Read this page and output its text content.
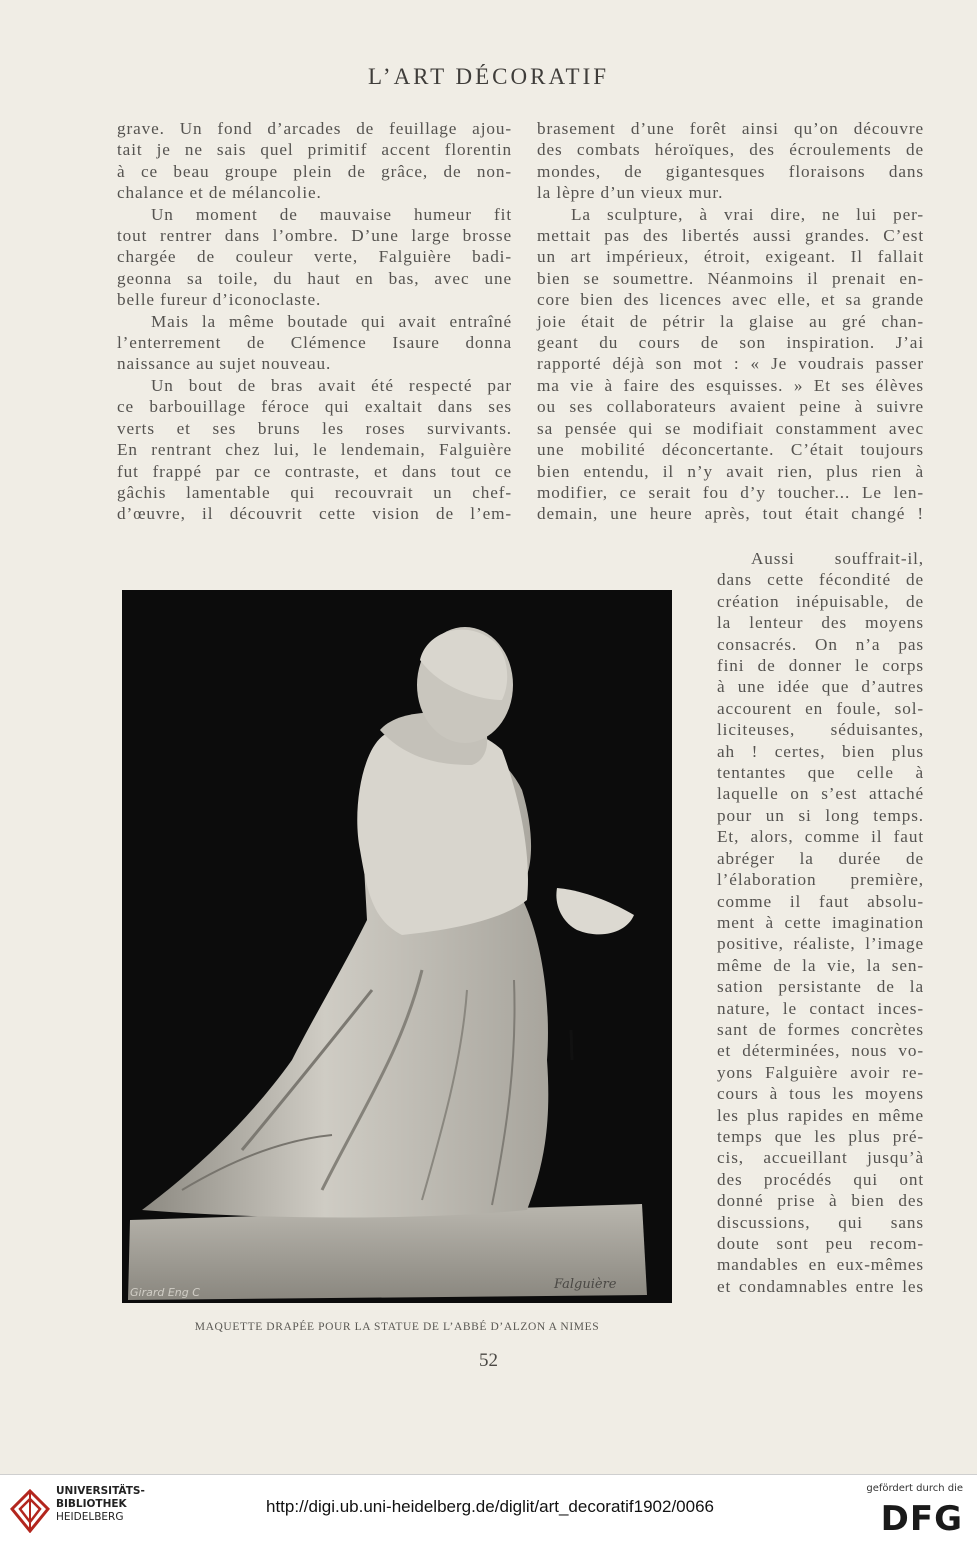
L’ART DÉCORATIF

grave. Un fond d’arcades de feuillage ajou-

tait je ne sais quel primitif accent florentin

à ce beau groupe plein de grâce, de non-

chalance et de mélancolie.

Un moment de mauvaise humeur fit

tout rentrer dans l’ombre. D’une large brosse

chargée de couleur verte, Falguière badi-

geonna sa toile, du haut en bas, avec une

belle fureur d’iconoclaste.

Mais la même boutade qui avait entraîné

l’enterrement de Clémence Isaure donna

naissance au sujet nouveau.

Un bout de bras avait été respecté par

ce barbouillage féroce qui exaltait dans ses

verts et ses bruns les roses survivants.

En rentrant chez lui, le lendemain, Falguière

fut frappé par ce contraste, et dans tout ce

gâchis lamentable qui recouvrait un chef-

d’œuvre, il découvrit cette vision de l’em-

brasement d’une forêt ainsi qu’on découvre

des combats héroïques, des écroulements de

mondes, de gigantesques floraisons dans

la lèpre d’un vieux mur.

La sculpture, à vrai dire, ne lui per-

mettait pas des libertés aussi grandes. C’est

un art impérieux, étroit, exigeant. Il fallait

bien se soumettre. Néanmoins il prenait en-

core bien des licences avec elle, et sa grande

joie était de pétrir la glaise au gré chan-

geant du cours de son inspiration. J’ai

rapporté déjà son mot : « Je voudrais passer

ma vie à faire des esquisses. » Et ses élèves

ou ses collaborateurs avaient peine à suivre

sa pensée qui se modifiait constamment avec

une mobilité déconcertante. C’était toujours

bien entendu, il n’y avait rien, plus rien à

modifier, ce serait fou d’y toucher... Le len-

demain, une heure après, tout était changé !

Aussi souffrait-il,

dans cette fécondité de

création inépuisable, de

la lenteur des moyens

consacrés. On n’a pas

fini de donner le corps

à une idée que d’autres

accourent en foule, sol-

liciteuses, séduisantes,

ah ! certes, bien plus

tentantes que celle à

laquelle on s’est attaché

pour un si long temps.

Et, alors, comme il faut

abréger la durée de

l’élaboration première,

comme il faut absolu-

ment à cette imagination

positive, réaliste, l’image

même de la vie, la sen-

sation persistante de la

nature, le contact inces-

sant de formes concrètes

et déterminées, nous vo-

yons Falguière avoir re-

cours à tous les moyens

les plus rapides en même

temps que les plus pré-

cis, accueillant jusqu’à

des procédés qui ont

donné prise à bien des

discussions, qui sans

doute sont peu recom-

mandables en eux-mêmes

et condamnables entre les

Girard Eng C
Falguière
MAQUETTE DRAPÉE POUR LA STATUE DE L’ABBÉ D’ALZON A NIMES
52
UNIVERSITÄTS-
BIBLIOTHEK
HEIDELBERG
http://digi.ub.uni-heidelberg.de/diglit/art_decoratif1902/0066
gefördert durch die
DFG
